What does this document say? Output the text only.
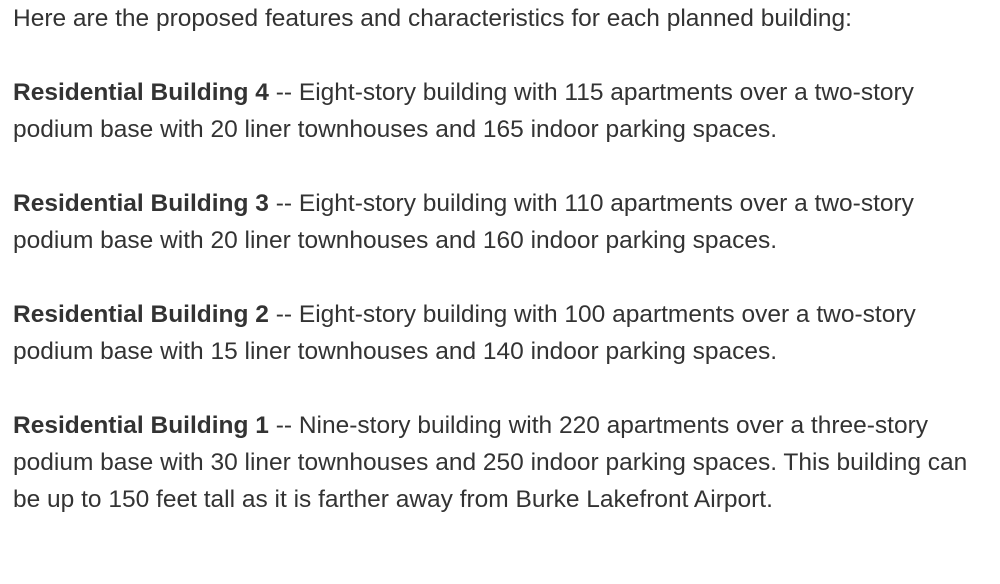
Here are the proposed features and characteristics for each planned building:

Residential Building 4 -- Eight-story building with 115 apartments over a two-story podium base with 20 liner townhouses and 165 indoor parking spaces.

Residential Building 3 -- Eight-story building with 110 apartments over a two-story podium base with 20 liner townhouses and 160 indoor parking spaces.

Residential Building 2 -- Eight-story building with 100 apartments over a two-story podium base with 15 liner townhouses and 140 indoor parking spaces.

Residential Building 1 -- Nine-story building with 220 apartments over a three-story podium base with 30 liner townhouses and 250 indoor parking spaces. This building can be up to 150 feet tall as it is farther away from Burke Lakefront Airport.
